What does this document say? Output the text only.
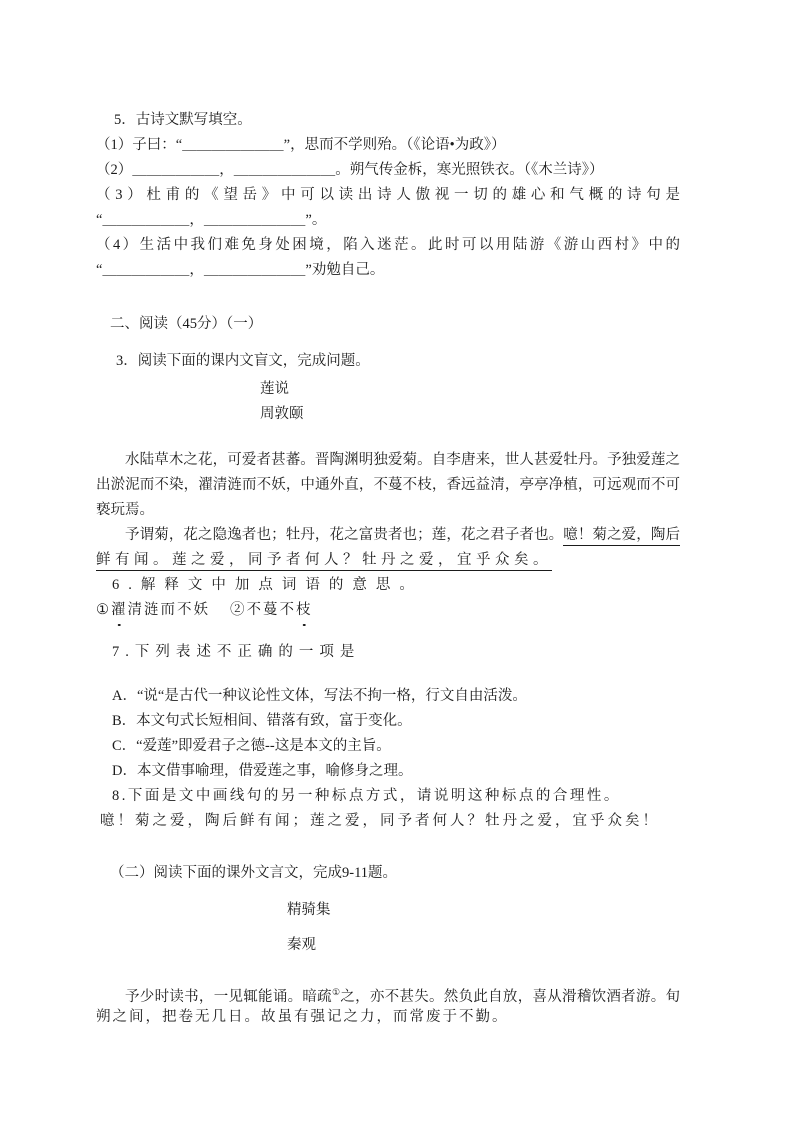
5．古诗文默写填空。
（1）子曰：“＿＿＿＿＿＿＿”，思而不学则殆。（《论语•为政》）
（2）＿＿＿＿＿＿，＿＿＿＿＿＿＿。朔气传金柝，寒光照铁衣。（《木兰诗》）
（3）杜甫的《望岳》中可以读出诗人傲视一切的雄心和气概的诗句是
“＿＿＿＿＿＿，＿＿＿＿＿＿＿”。
（4）生活中我们难免身处困境，陷入迷茫。此时可以用陆游《游山西村》中的
“＿＿＿＿＿＿，＿＿＿＿＿＿＿”劝勉自己。
二、阅读（45分）（一）
3．阅读下面的课内文盲文，完成问题。
莲说
周敦颐
水陆草木之花，可爱者甚蕃。晋陶渊明独爱菊。自李唐来，世人甚爱牡丹。予独爱莲之
出淤泥而不染，濯清涟而不妖，中通外直，不蔓不枝，香远益清，亭亭净植，可远观而不可
亵玩焉。
予谓菊，花之隐逸者也；牡丹，花之富贵者也；莲，花之君子者也。噫！菊之爱，陶后
鲜有闻。莲之爱，同予者何人？牡丹之爱，宜乎众矣。
6.解释文中加点词语的意思。
①濯清涟而不妖 ②不蔓不枝
7.下列表述不正确的一项是
A．“说“是古代一种议论性文体，写法不拘一格，行文自由活泼。
B．本文句式长短相间、错落有致，富于变化。
C．“爱莲”即爱君子之德--这是本文的主旨。
D．本文借事喻理，借爱莲之事，喻修身之理。
8.下面是文中画线句的另一种标点方式，请说明这种标点的合理性。
噫！菊之爱，陶后鲜有闻；莲之爱，同予者何人？牡丹之爱，宜乎众矣！
（二）阅读下面的课外文言文，完成9-11题。
精骑集
秦观
予少时读书，一见辄能诵。暗疏①之，亦不甚失。然负此自放，喜从滑稽饮酒者游。旬
朔之间，把卷无几日。故虽有强记之力，而常废于不勤。
